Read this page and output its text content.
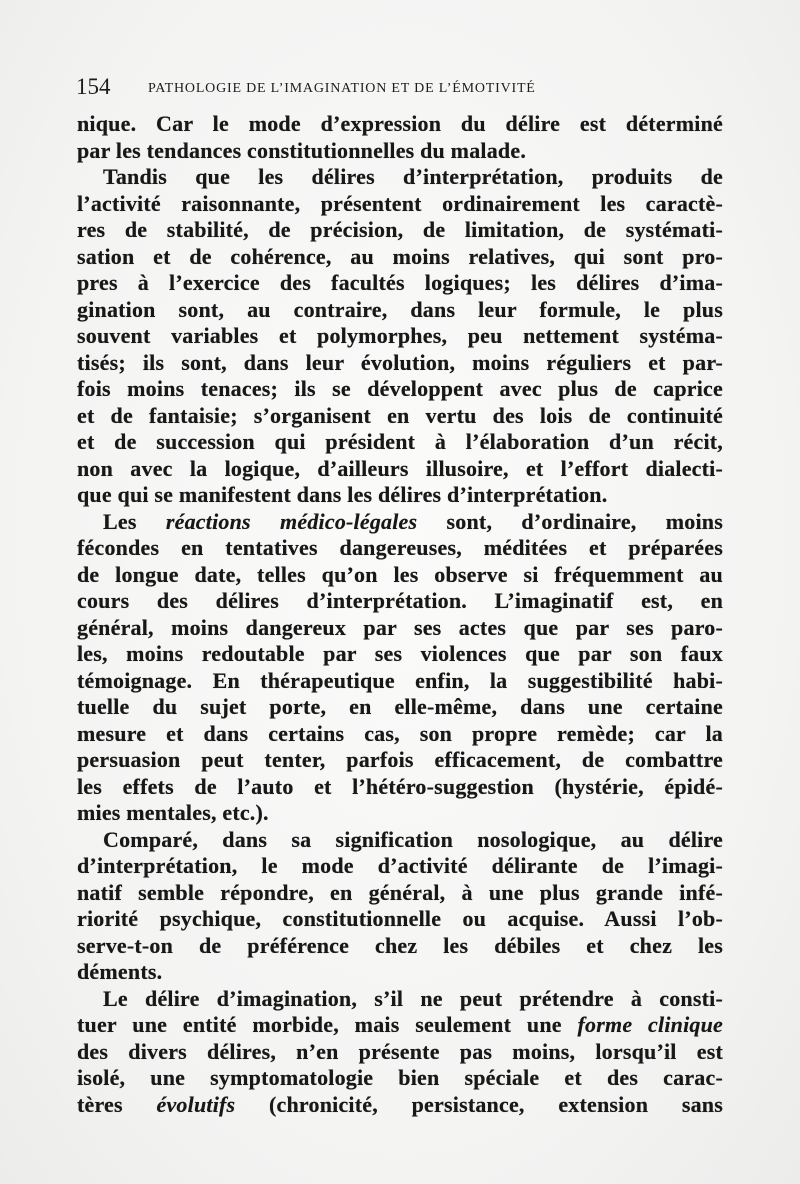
154	PATHOLOGIE DE L’IMAGINATION ET DE L’ÉMOTIVITÉ
nique. Car le mode d’expression du délire est déterminé
par les tendances constitutionnelles du malade.
Tandis que les délires d’interprétation, produits de
l’activité raisonnante, présentent ordinairement les caractè-
res de stabilité, de précision, de limitation, de systémati-
sation et de cohérence, au moins relatives, qui sont pro-
pres à l’exercice des facultés logiques; les délires d’ima-
gination sont, au contraire, dans leur formule, le plus
souvent variables et polymorphes, peu nettement systéma-
tisés; ils sont, dans leur évolution, moins réguliers et par-
fois moins tenaces; ils se développent avec plus de caprice
et de fantaisie; s’organisent en vertu des lois de continuité
et de succession qui président à l’élaboration d’un récit,
non avec la logique, d’ailleurs illusoire, et l’effort dialecti-
que qui se manifestent dans les délires d’interprétation.
Les réactions médico-légales sont, d’ordinaire, moins
fécondes en tentatives dangereuses, méditées et préparées
de longue date, telles qu’on les observe si fréquemment au
cours des délires d’interprétation. L’imaginatif est, en
général, moins dangereux par ses actes que par ses paro-
les, moins redoutable par ses violences que par son faux
témoignage. En thérapeutique enfin, la suggestibilité habi-
tuelle du sujet porte, en elle-même, dans une certaine
mesure et dans certains cas, son propre remède; car la
persuasion peut tenter, parfois efficacement, de combattre
les effets de l’auto et l’hétéro-suggestion (hystérie, épidé-
mies mentales, etc.).
Comparé, dans sa signification nosologique, au délire
d’interprétation, le mode d’activité délirante de l’imagi-
natif semble répondre, en général, à une plus grande infé-
riorité psychique, constitutionnelle ou acquise. Aussi l’ob-
serve-t-on de préférence chez les débiles et chez les
déments.
Le délire d’imagination, s’il ne peut prétendre à consti-
tuer une entité morbide, mais seulement une forme clinique
des divers délires, n’en présente pas moins, lorsqu’il est
isolé, une symptomatologie bien spéciale et des carac-
tères évolutifs (chronicité, persistance, extension sans
